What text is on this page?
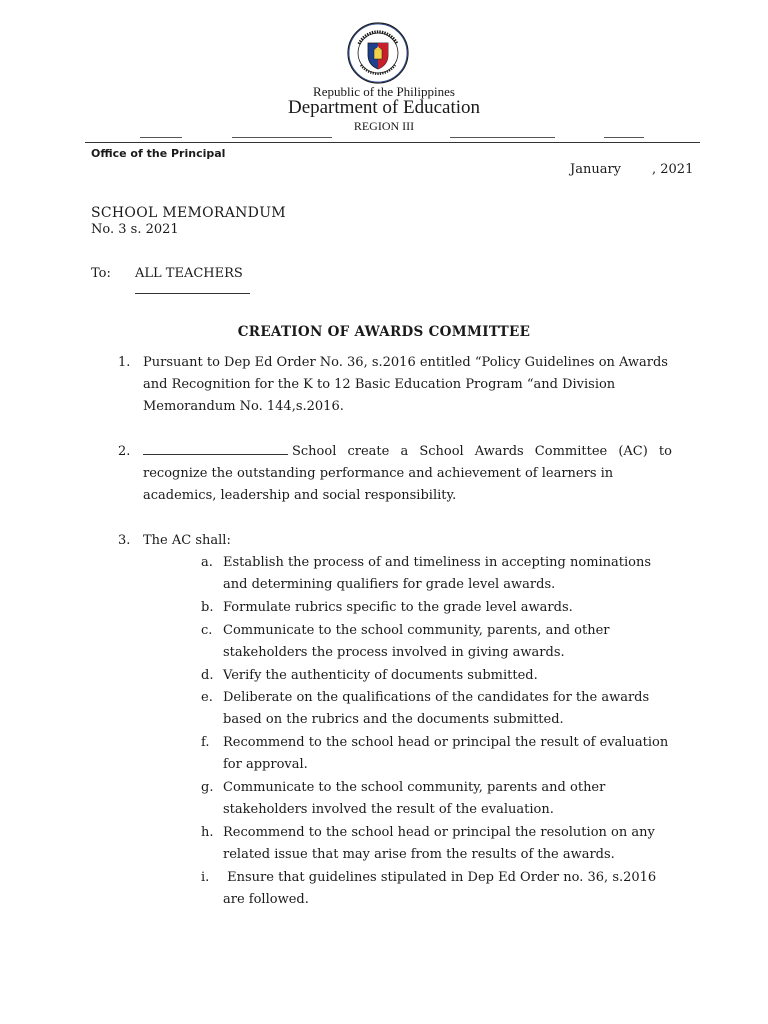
Republic of the Philippines
Department of Education
REGION III
Office of the Principal
January , 2021
SCHOOL MEMORANDUM
No. 3 s. 2021
To: ALL TEACHERS
CREATION OF AWARDS COMMITTEE
1. Pursuant to Dep Ed Order No. 36, s.2016 entitled “Policy Guidelines on Awards
and Recognition for the K to 12 Basic Education Program “and Division
Memorandum No. 144,s.2016.
2.	School create a School Awards Committee (AC) to
recognize the outstanding performance and achievement of learners in
academics, leadership and social responsibility.
3. The AC shall:
a. Establish the process of and timeliness in accepting nominations
and determining qualifiers for grade level awards.
b. Formulate rubrics specific to the grade level awards.
c. Communicate to the school community, parents, and other
stakeholders the process involved in giving awards.
d. Verify the authenticity of documents submitted.
e. Deliberate on the qualifications of the candidates for the awards
based on the rubrics and the documents submitted.
f. Recommend to the school head or principal the result of evaluation
for approval.
g. Communicate to the school community, parents and other
stakeholders involved the result of the evaluation.
h. Recommend to the school head or principal the resolution on any
related issue that may arise from the results of the awards.
i. Ensure that guidelines stipulated in Dep Ed Order no. 36, s.2016
are followed.
